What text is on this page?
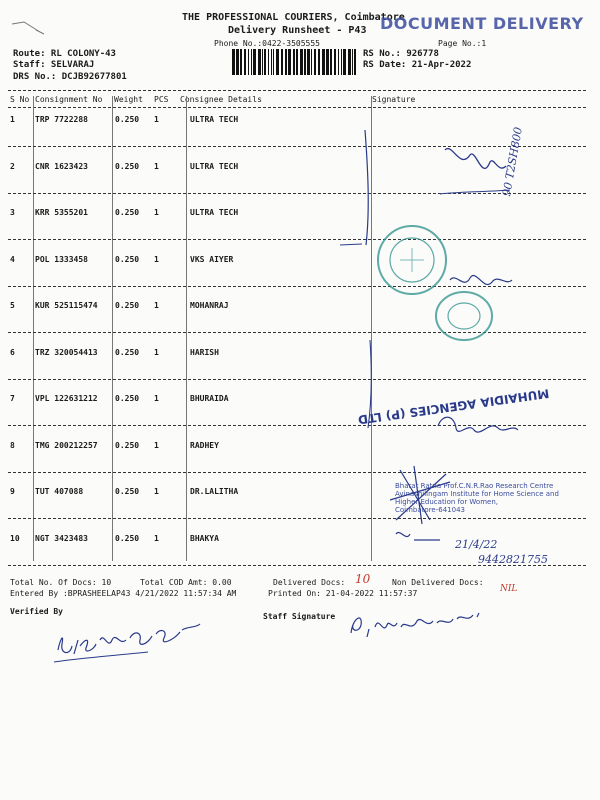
THE PROFESSIONAL COURIERS, Coimbatore
Delivery Runsheet - P43
Phone No.:0422-3505555	Page No.:1
DOCUMENT DELIVERY
Route: RL COLONY-43
Staff: SELVARAJ
DRS No.: DCJB92677801
RS No.: 926778
RS Date: 21-Apr-2022
S No Consignment No Weight PCS Consignee Details	Signature
1	TRP 7722288	0.250 1	ULTRA TECH
2	CNR 1623423	0.250 1	ULTRA TECH
3	KRR 5355201	0.250 1	ULTRA TECH
4	POL 1333458	0.250 1	VKS AIYER
5	KUR 525115474 0.250 1	MOHANRAJ
6	TRZ 320054413 0.250 1	HARISH
7	VPL 122631212 0.250 1	BHURAIDA
8	TMG 200212257 0.250 1	RADHEY
9	TUT 407088	0.250 1	DR.LALITHA
10 NGT 3423483	0.250 1	BHAKYA
Total No. Of Docs: 10	Total COD Amt: 0.00	Delivered Docs: 10	Non Delivered Docs:
NIL
Entered By :BPRASHEELAP43 4/21/2022 11:57:34 AM	Printed On: 21-04-2022 11:57:37
Verified By
Staff Signature
MUHAIDIA AGENCIES (P) LTD
90 T2SH800
Bharat Ratna Prof.C.N.R.Rao Research Centre
Avinashilingam Institute for Home Science and
Higher Education for Women,
Coimbatore-641043
21/4/22
9442821755
